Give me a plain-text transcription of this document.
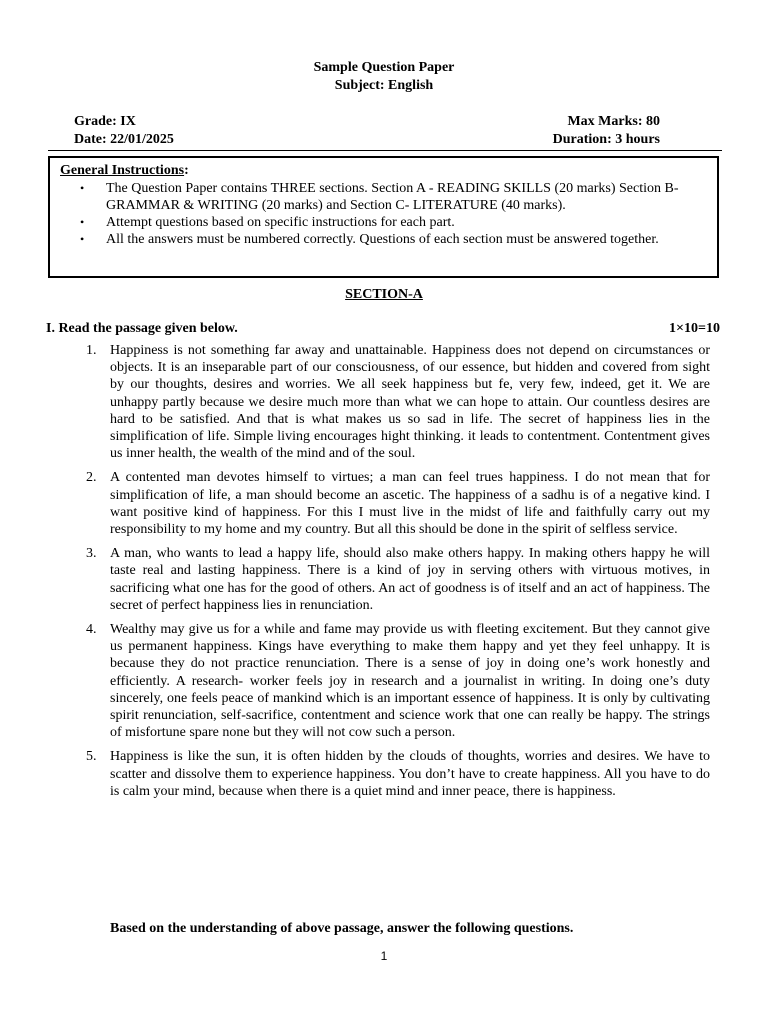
Sample Question Paper
Subject: English
Grade: IX	Max Marks: 80
Date: 22/01/2025	Duration: 3 hours
General Instructions:
• The Question Paper contains THREE sections. Section A - READING SKILLS (20 marks) Section B- GRAMMAR & WRITING (20 marks) and Section C- LITERATURE (40 marks).
• Attempt questions based on specific instructions for each part.
• All the answers must be numbered correctly. Questions of each section must be answered together.
SECTION-A
I. Read the passage given below.	1×10=10
1. Happiness is not something far away and unattainable. Happiness does not depend on circumstances or objects. It is an inseparable part of our consciousness, of our essence, but hidden and covered from sight by our thoughts, desires and worries. We all seek happiness but fe, very few, indeed, get it. We are unhappy partly because we desire much more than what we can hope to attain. Our countless desires are hard to be satisfied. And that is what makes us so sad in life. The secret of happiness lies in the simplification of life. Simple living encourages hight thinking. it leads to contentment. Contentment gives us inner health, the wealth of the mind and of the soul.
2. A contented man devotes himself to virtues; a man can feel trues happiness. I do not mean that for simplification of life, a man should become an ascetic. The happiness of a sadhu is of a negative kind. I want positive kind of happiness. For this I must live in the midst of life and faithfully carry out my responsibility to my home and my country. But all this should be done in the spirit of selfless service.
3. A man, who wants to lead a happy life, should also make others happy. In making others happy he will taste real and lasting happiness. There is a kind of joy in serving others with virtuous motives, in sacrificing what one has for the good of others. An act of goodness is of itself and an act of happiness. The secret of perfect happiness lies in renunciation.
4. Wealthy may give us for a while and fame may provide us with fleeting excitement. But they cannot give us permanent happiness. Kings have everything to make them happy and yet they feel unhappy. It is because they do not practice renunciation. There is a sense of joy in doing one’s work honestly and efficiently. A research- worker feels joy in research and a journalist in writing. In doing one’s duty sincerely, one feels peace of mankind which is an important essence of happiness. It is only by cultivating spirit renunciation, self-sacrifice, contentment and science work that one can really be happy. The strings of misfortune spare none but they will not cow such a person.
5. Happiness is like the sun, it is often hidden by the clouds of thoughts, worries and desires. We have to scatter and dissolve them to experience happiness. You don’t have to create happiness. All you have to do is calm your mind, because when there is a quiet mind and inner peace, there is happiness.
Based on the understanding of above passage, answer the following questions.
1
